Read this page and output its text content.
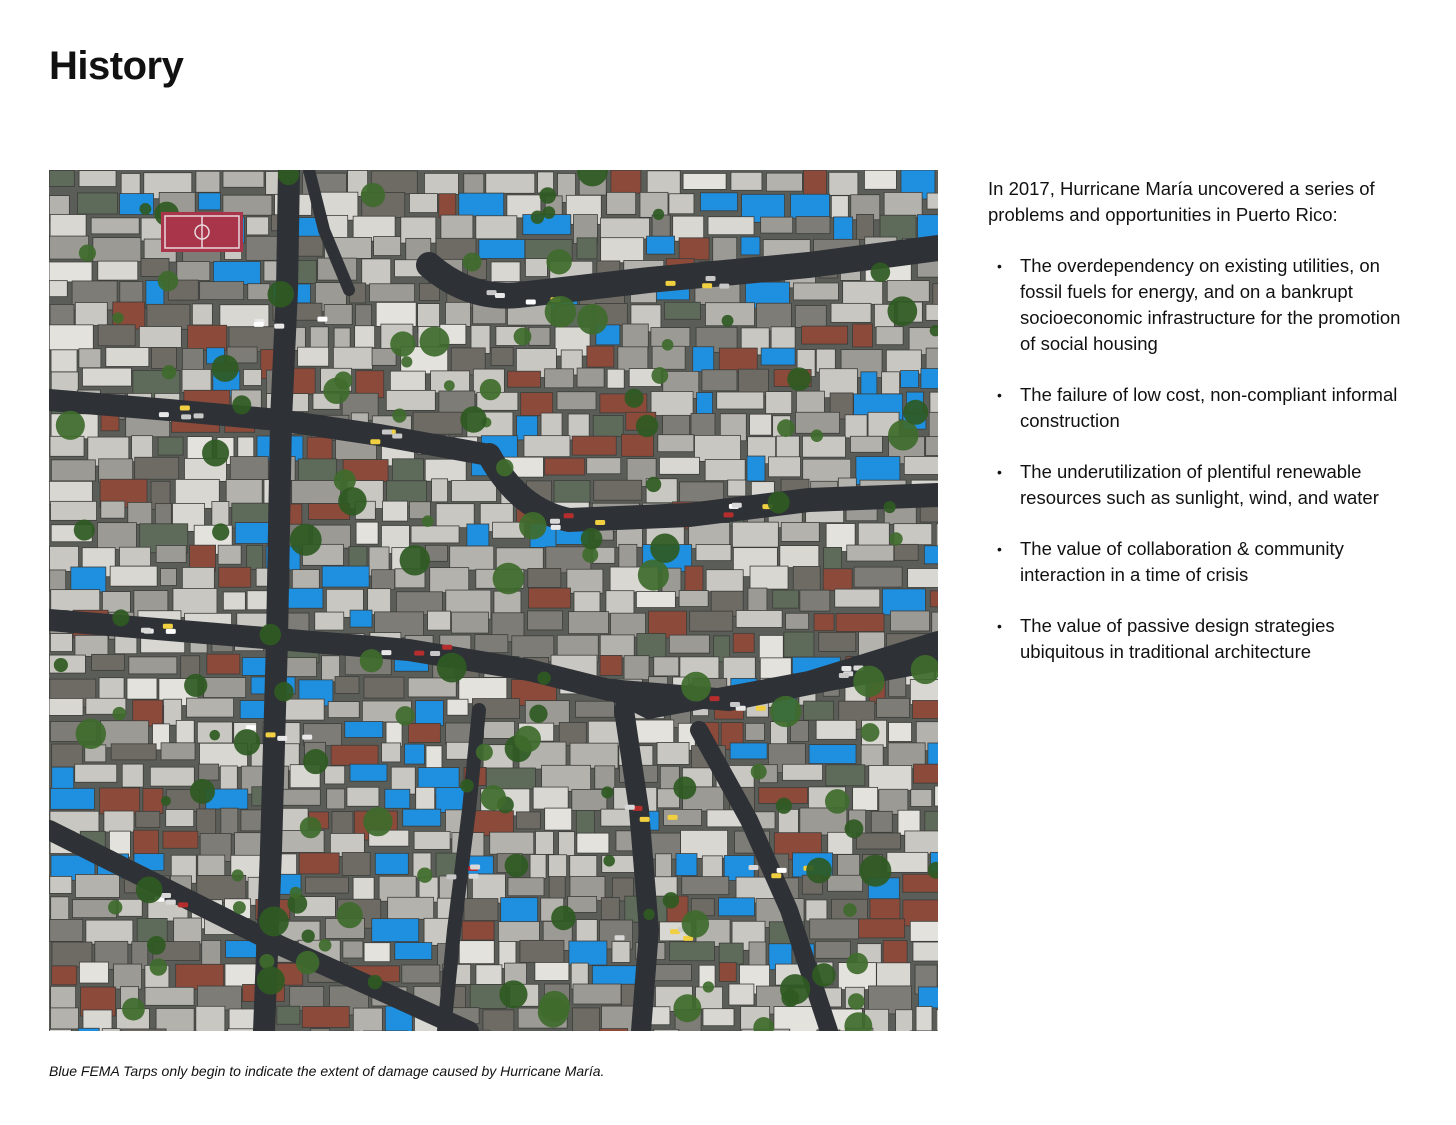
History

Blue FEMA Tarps only begin to indicate the extent of damage caused by Hurricane María.

In 2017, Hurricane María uncovered a series of problems and opportunities in Puerto Rico:

• The overdependency on existing utilities, on fossil fuels for energy, and on a bankrupt socioeconomic infrastructure for the promotion of social housing
• The failure of low cost, non-compliant informal construction
• The underutilization of plentiful renewable resources such as sunlight, wind, and water
• The value of collaboration & community interaction in a time of crisis
• The value of passive design strategies ubiquitous in traditional architecture
